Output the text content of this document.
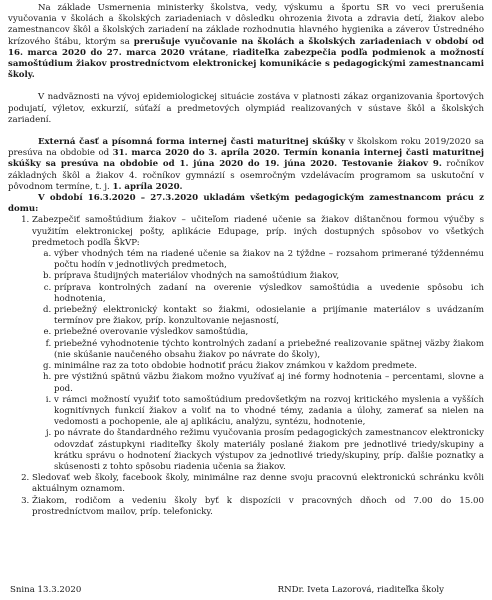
Na základe Usmernenia ministerky školstva, vedy, výskumu a športu SR vo veci prerušenia vyučovania v školách a školských zariadeniach v dôsledku ohrozenia života a zdravia detí, žiakov alebo zamestnancov škôl a školských zariadení na základe rozhodnutia hlavného hygienika a záverov Ústredného krízového štábu, ktorým sa prerušuje vyučovanie na školách a školských zariadeniach v období od 16. marca 2020 do 27. marca 2020 vrátane, riaditeľka zabezpečia podľa podmienok a možností samoštúdium žiakov prostredníctvom elektronickej komunikácie s pedagogickými zamestnancami školy.

V nadväznosti na vývoj epidemiologickej situácie zostáva v platnosti zákaz organizovania športových podujatí, výletov, exkurzií, súťaží a predmetových olympiád realizovaných v sústave škôl a školských zariadení.

Externá časť a písomná forma internej časti maturitnej skúšky v školskom roku 2019/2020 sa presúva na obdobie od 31. marca 2020 do 3. apríla 2020. Termín konania internej časti maturitnej skúšky sa presúva na obdobie od 1. júna 2020 do 19. júna 2020. Testovanie žiakov 9. ročníkov základných škôl a žiakov 4. ročníkov gymnázií s osemročným vzdelávacím programom sa uskutoční v pôvodnom termíne, t. j. 1. apríla 2020.

V období 16.3.2020 – 27.3.2020 ukladám všetkým pedagogickým zamestnancom prácu z domu:

1. Zabezpečiť samoštúdium žiakov – učiteľom riadené učenie sa žiakov dištančnou formou výučby s využitím elektronickej pošty, aplikácie Edupage, príp. iných dostupných spôsobov vo všetkých predmetoch podľa ŠkVP:
a. výber vhodných tém na riadené učenie sa žiakov na 2 týždne – rozsahom primerané týždennému počtu hodín v jednotlivých predmetoch,
b. príprava študijných materiálov vhodných na samoštúdium žiakov,
c. príprava kontrolných zadaní na overenie výsledkov samoštúdia a uvedenie spôsobu ich hodnotenia,
d. priebežný elektronický kontakt so žiakmi, odosielanie a prijímanie materiálov s uvádzaním termínov pre žiakov, príp. konzultovanie nejasností,
e. priebežné overovanie výsledkov samoštúdia,
f. priebežné vyhodnotenie týchto kontrolných zadaní a priebežné realizovanie spätnej väzby žiakom (nie skúšanie naučeného obsahu žiakov po návrate do školy),
g. minimálne raz za toto obdobie hodnotiť prácu žiakov známkou v každom predmete.
h. pre výstižnú spätnú väzbu žiakom možno využívať aj iné formy hodnotenia – percentami, slovne a pod.
i. v rámci možností využiť toto samoštúdium predovšetkým na rozvoj kritického myslenia a vyšších kognitívnych funkcií žiakov a voliť na to vhodné témy, zadania a úlohy, zamerať sa nielen na vedomosti a pochopenie, ale aj aplikáciu, analýzu, syntézu, hodnotenie,
j. po návrate do štandardného režimu vyučovania prosím pedagogických zamestnancov elektronicky odovzdať zástupkyni riaditeľky školy materiály poslané žiakom pre jednotlivé triedy/skupiny a krátku správu o hodnotení žiackych výstupov za jednotlivé triedy/skupiny, príp. ďalšie poznatky a skúsenosti z tohto spôsobu riadenia učenia sa žiakov.
2. Sledovať web školy, facebook školy, minimálne raz denne svoju pracovnú elektronickú schránku kvôli aktuálnym oznamom.
3. Žiakom, rodičom a vedeniu školy byť k dispozícii v pracovných dňoch od 7.00 do 15.00 prostredníctvom mailov, príp. telefonicky.
Snina 13.3.2020	RNDr. Iveta Lazorová, riaditeľka školy
